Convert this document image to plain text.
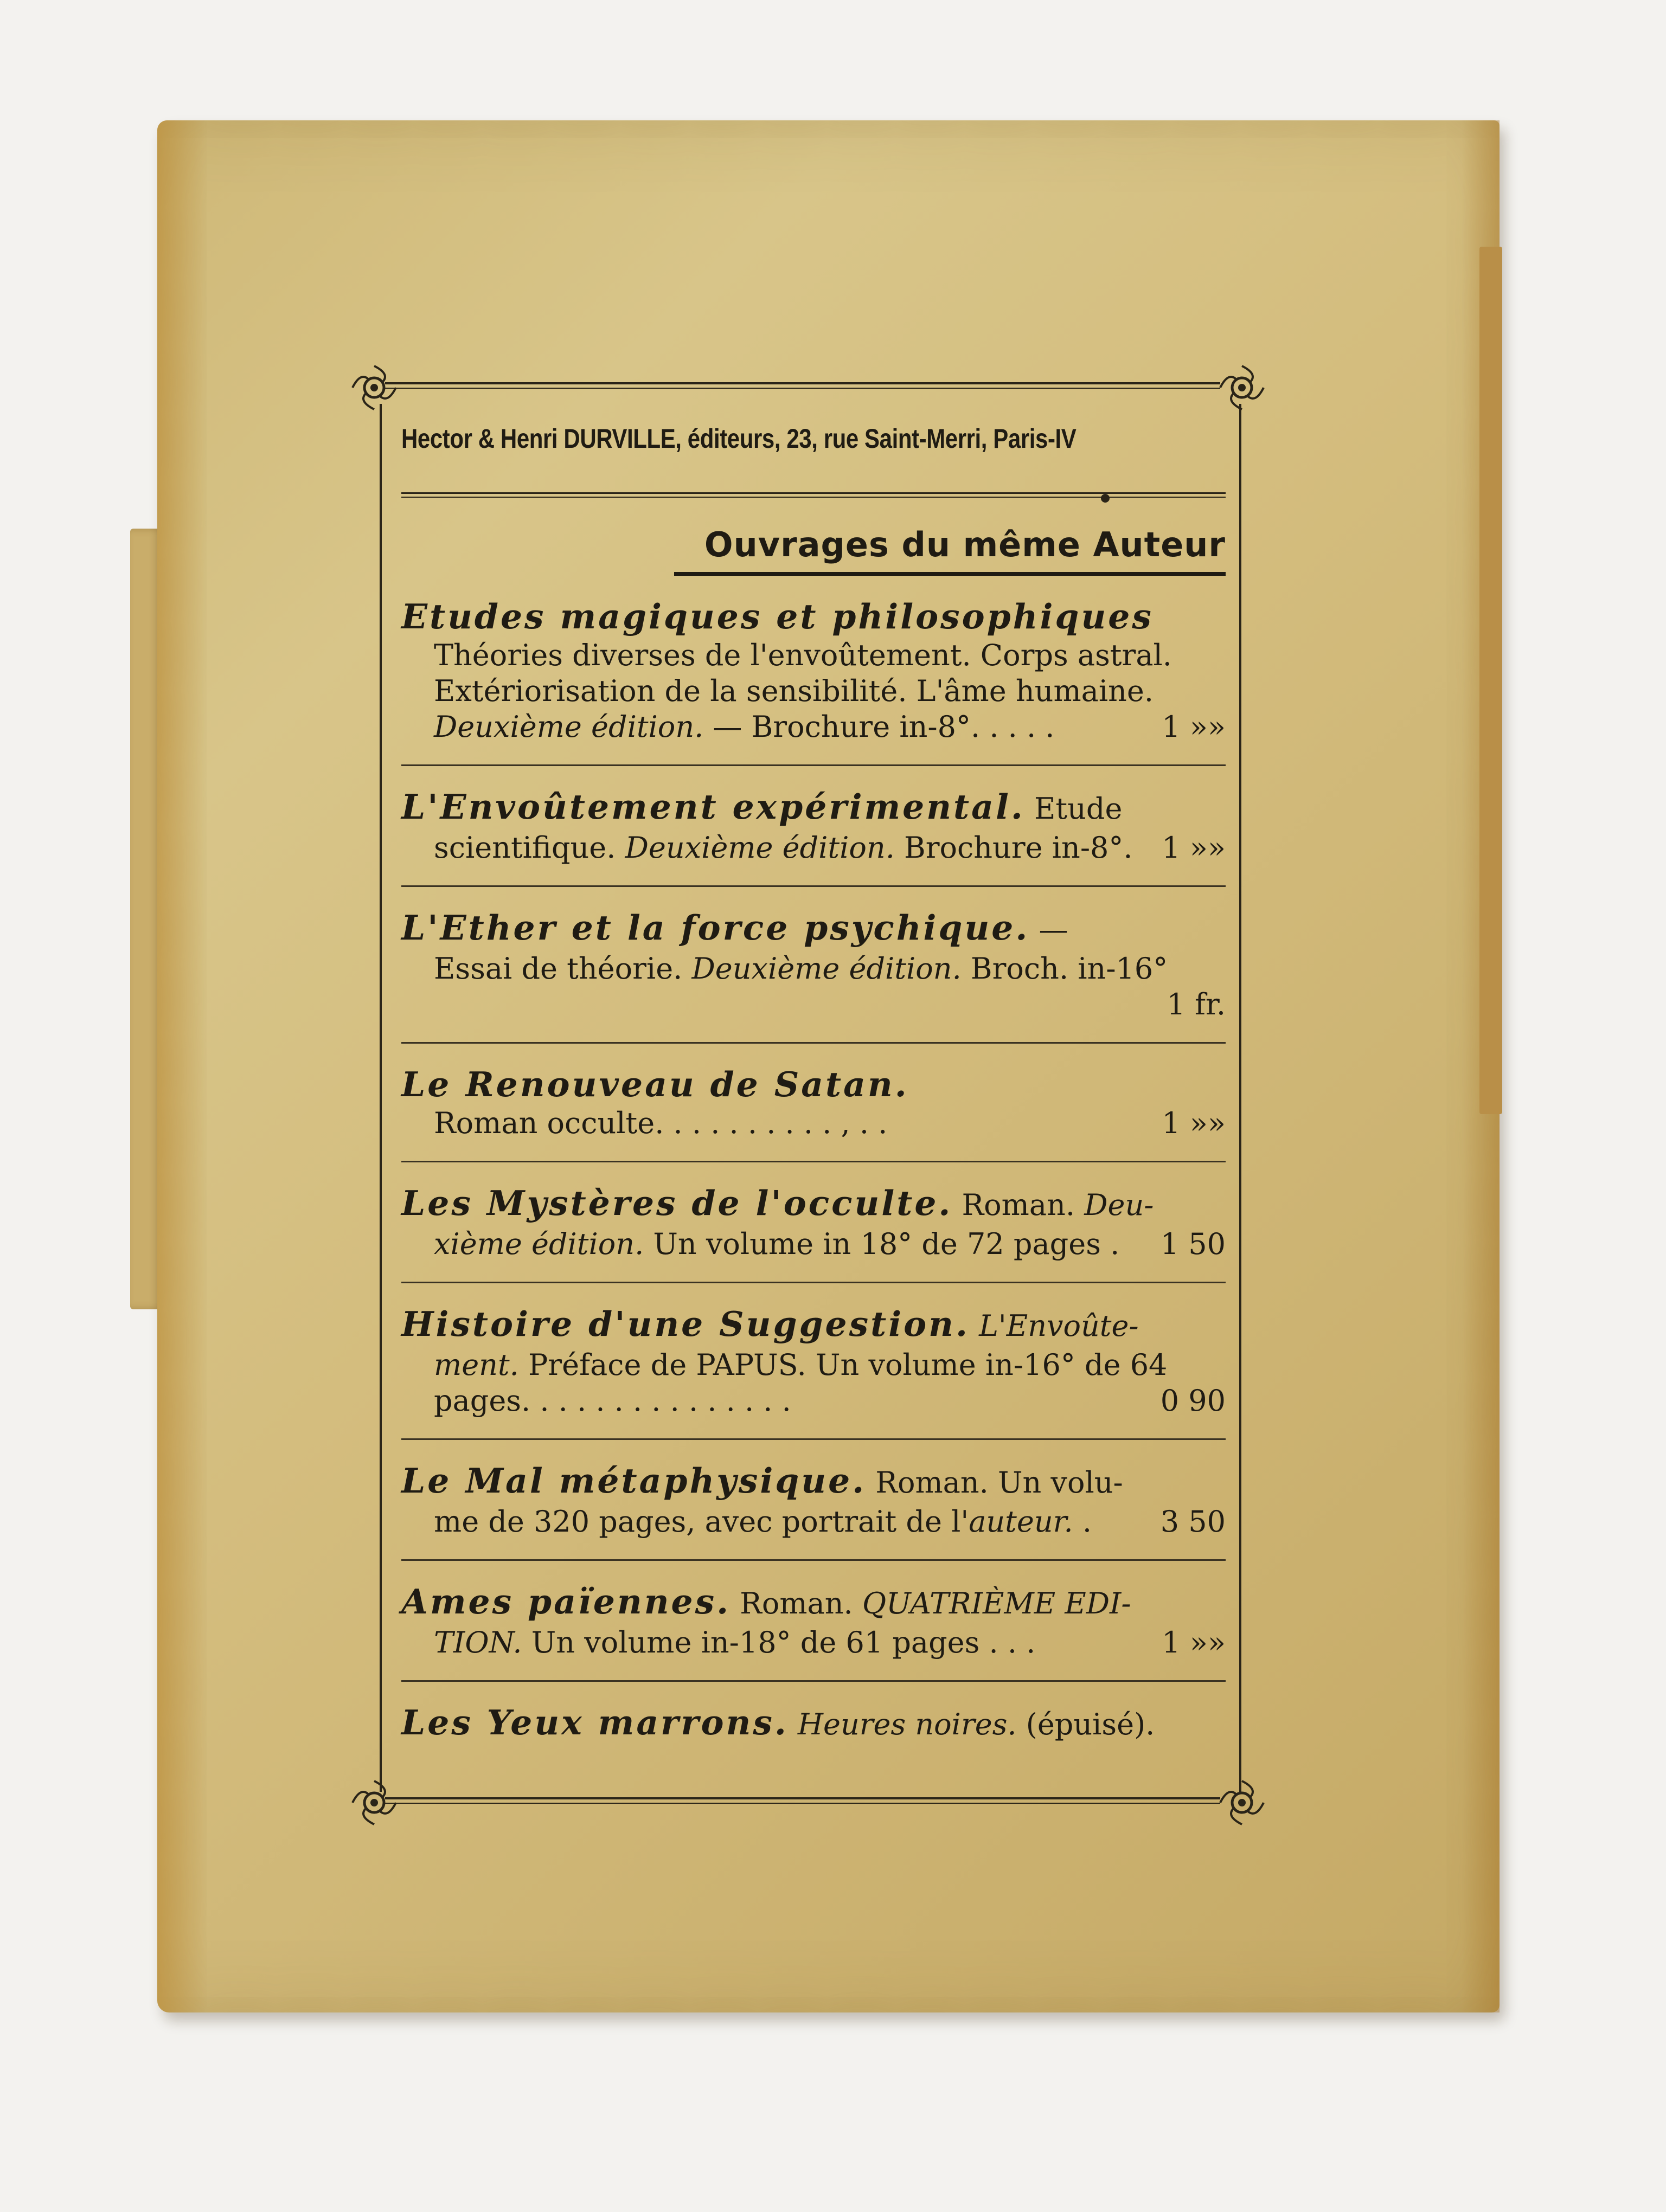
Hector & Henri DURVILLE, éditeurs, 23, rue Saint-Merri, Paris-IV
Ouvrages du même Auteur
Etudes magiques et philosophiques
Théories diverses de l'envoûtement. Corps astral.
Extériorisation de la sensibilité. L'âme humaine.
Deuxième édition. — Brochure in-8°. . . . .	1 »»
L'Envoûtement expérimental. Etude
scientifique. Deuxième édition. Brochure in-8°. 1 »»
L'Ether et la force psychique. —
Essai de théorie. Deuxième édition. Broch. in-16°
1 fr.
Le Renouveau de Satan.
Roman occulte. . . . . . . . . . , . .	1 »»
Les Mystères de l'occulte. Roman. Deu-
xième édition. Un volume in 18° de 72 pages . 1 50
Histoire d'une Suggestion. L'Envoûte-
ment. Préface de PAPUS. Un volume in-16° de 64
pages. . . . . . . . . . . . . . .	0 90
Le Mal métaphysique. Roman. Un volu-
me de 320 pages, avec portrait de l'auteur. . 3 50
Ames païennes. Roman. QUATRIÈME EDI-
TION. Un volume in-18° de 61 pages . . .	1 »»
Les Yeux marrons. Heures noires. (épuisé).
